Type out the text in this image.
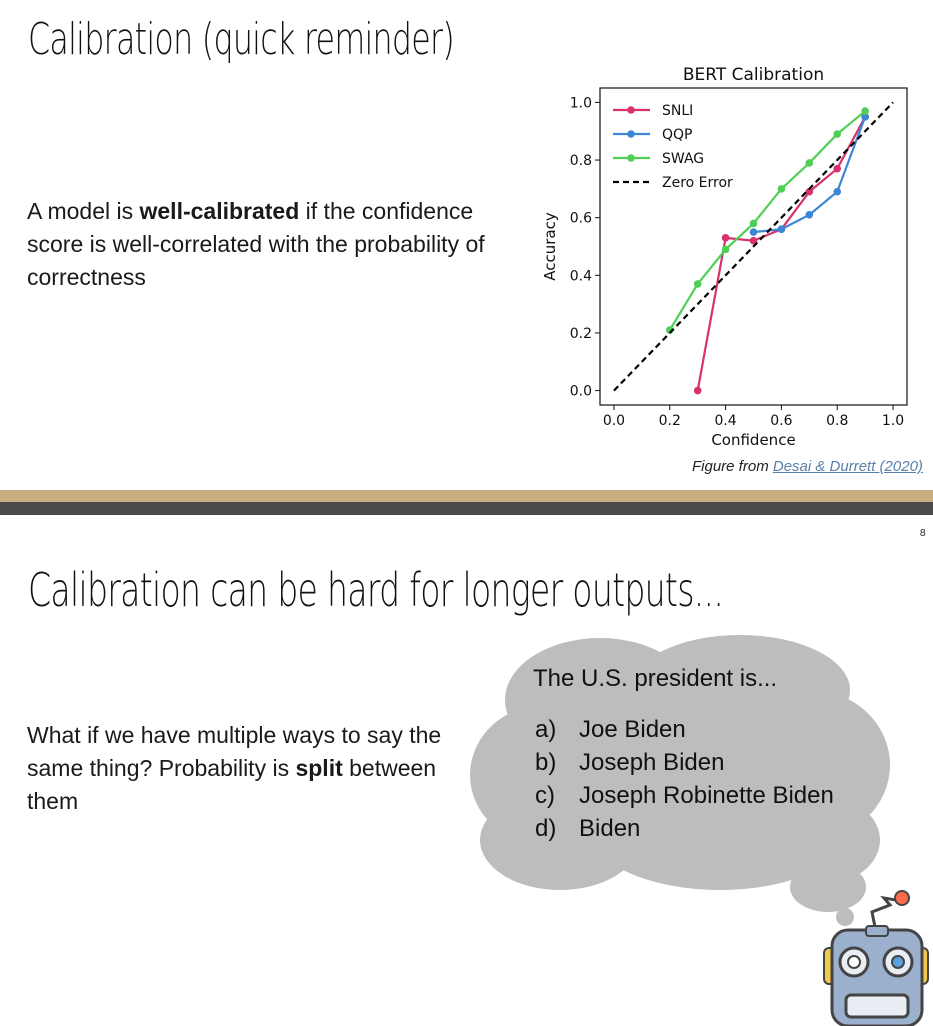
Calibration (quick reminder)
A model is well-calibrated if the confidence score is well-correlated with the probability of correctness
BERT Calibration
0.0 0.2 0.4 0.6 0.8 1.0
0.0
0.2
0.4
0.6
0.8
1.0
Confidence
Accuracy
SNLI
QQP
SWAG
Zero Error
Figure from Desai & Durrett (2020)
8
Calibration can be hard for longer outputs...
What if we have multiple ways to say the same thing? Probability is split between them
The U.S. president is...
a) Joe Biden
b) Joseph Biden
c) Joseph Robinette Biden
d) Biden
